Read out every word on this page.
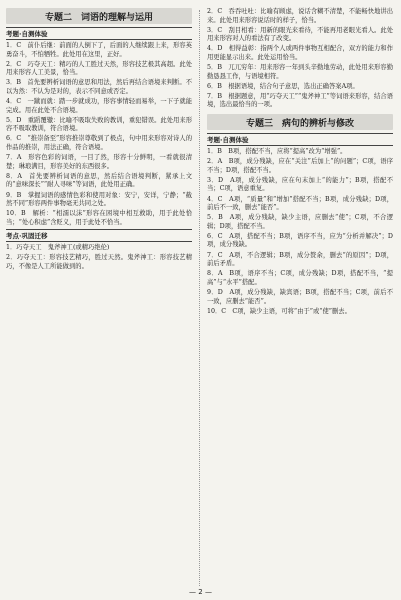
专题二　词语的理解与运用
考题·自测体验

1．C　前仆后继：前面的人倒下了，后面的人继续跟上来，形容英勇奋斗，不怕牺牲。此处用在这里，正好。

2．C　巧夺天工：精巧的人工胜过天然，形容技艺极其高超。此处用来形容人工美景，恰当。

3．B　首先要辨析词语的意思和用法，然后再结合语境来判断。不以为然：不认为是对的，表示不同意或否定。

4．C　一蹴而就：踏一步就成功，形容事情轻而易举，一下子就能完成。用在此处不合语境。

5．D　重蹈覆辙：比喻不吸取失败的教训，重犯错误。此处用来形容不吸取教训，符合语境。

6．C　“推崇备至”形容推崇尊敬到了极点，句中用来形容对诗人的作品的推崇，用法正确，符合语境。

7．A　形容色彩的词语，一目了然，形容十分鲜明，一看就很清楚；琳琅满目，形容美好的东西很多。

8．A　首先要辨析词语的意思，然后结合语境判断，紧承上文的“意味深长”“耐人寻味”等词语，此处用正确。

9．B　掌握词语的感情色彩和使用对象：安宁，安详，宁静；“截然不同”形容两件事物毫无共同之处。

10．B　解析：“相濡以沫”形容在困境中相互救助，用于此处恰当；“处心积虑”含贬义，用于此处不恰当。

考点·巩固迁移

1．巧夺天工　鬼斧神工(或精巧绝伦)

2．巧夺天工：形容技艺精巧，胜过天然。鬼斧神工：形容技艺精巧，不像是人工所能做到的。

2．C　吞吞吐吐：比喻有顾虑，说话含糊不清楚，不能畅快地讲出来。此处用来形容说话时的样子，恰当。

3．C　刮目相看：用新的眼光来看待，不能再用老眼光看人。此处用来形容对人的看法有了改变。

4．D　相得益彰：指两个人或两件事物互相配合，双方的能力和作用更能显示出来。此处运用恰当。

5．B　兀兀穷年：用来形容一年到头辛勤地劳动，此处用来形容勤勤恳恳工作，与语境相符。

6．B　根据语境，结合句子意思，选出正确答案A项。

7．B　根据题意，用“巧夺天工”“鬼斧神工”等词语来形容，结合语境，选出最恰当的一项。

专题三　病句的辨析与修改
考题·自测体验

1．B　B项，搭配不当，应将“提高”改为“增强”。

2．A　B项，成分残缺，应在“关注”后加上“的问题”；C项，语序不当；D项，搭配不当。

3．D　A项，成分残缺，应在句末加上“的能力”；B项，搭配不当；C项，语意重复。

4．C　A项，“质量”和“增加”搭配不当；B项，成分残缺；D项，前后不一致，删去“能否”。

5．B　A项，成分残缺，缺少主语，应删去“使”；C项，不合逻辑；D项，搭配不当。

6．C　A项，搭配不当；B项，语序不当，应为“分析并解决”；D项，成分残缺。

7．C　A项，不合逻辑；B项，成分赘余，删去“的原因”；D项，前后矛盾。

8．A　B项，语序不当；C项，成分残缺；D项，搭配不当，“提高”与“水平”搭配。

9．D　A项，成分残缺，缺宾语；B项，搭配不当；C项，前后不一致，应删去“能否”。

10．C　C项，缺少主语，可将“由于”或“使”删去。

— 2 —
